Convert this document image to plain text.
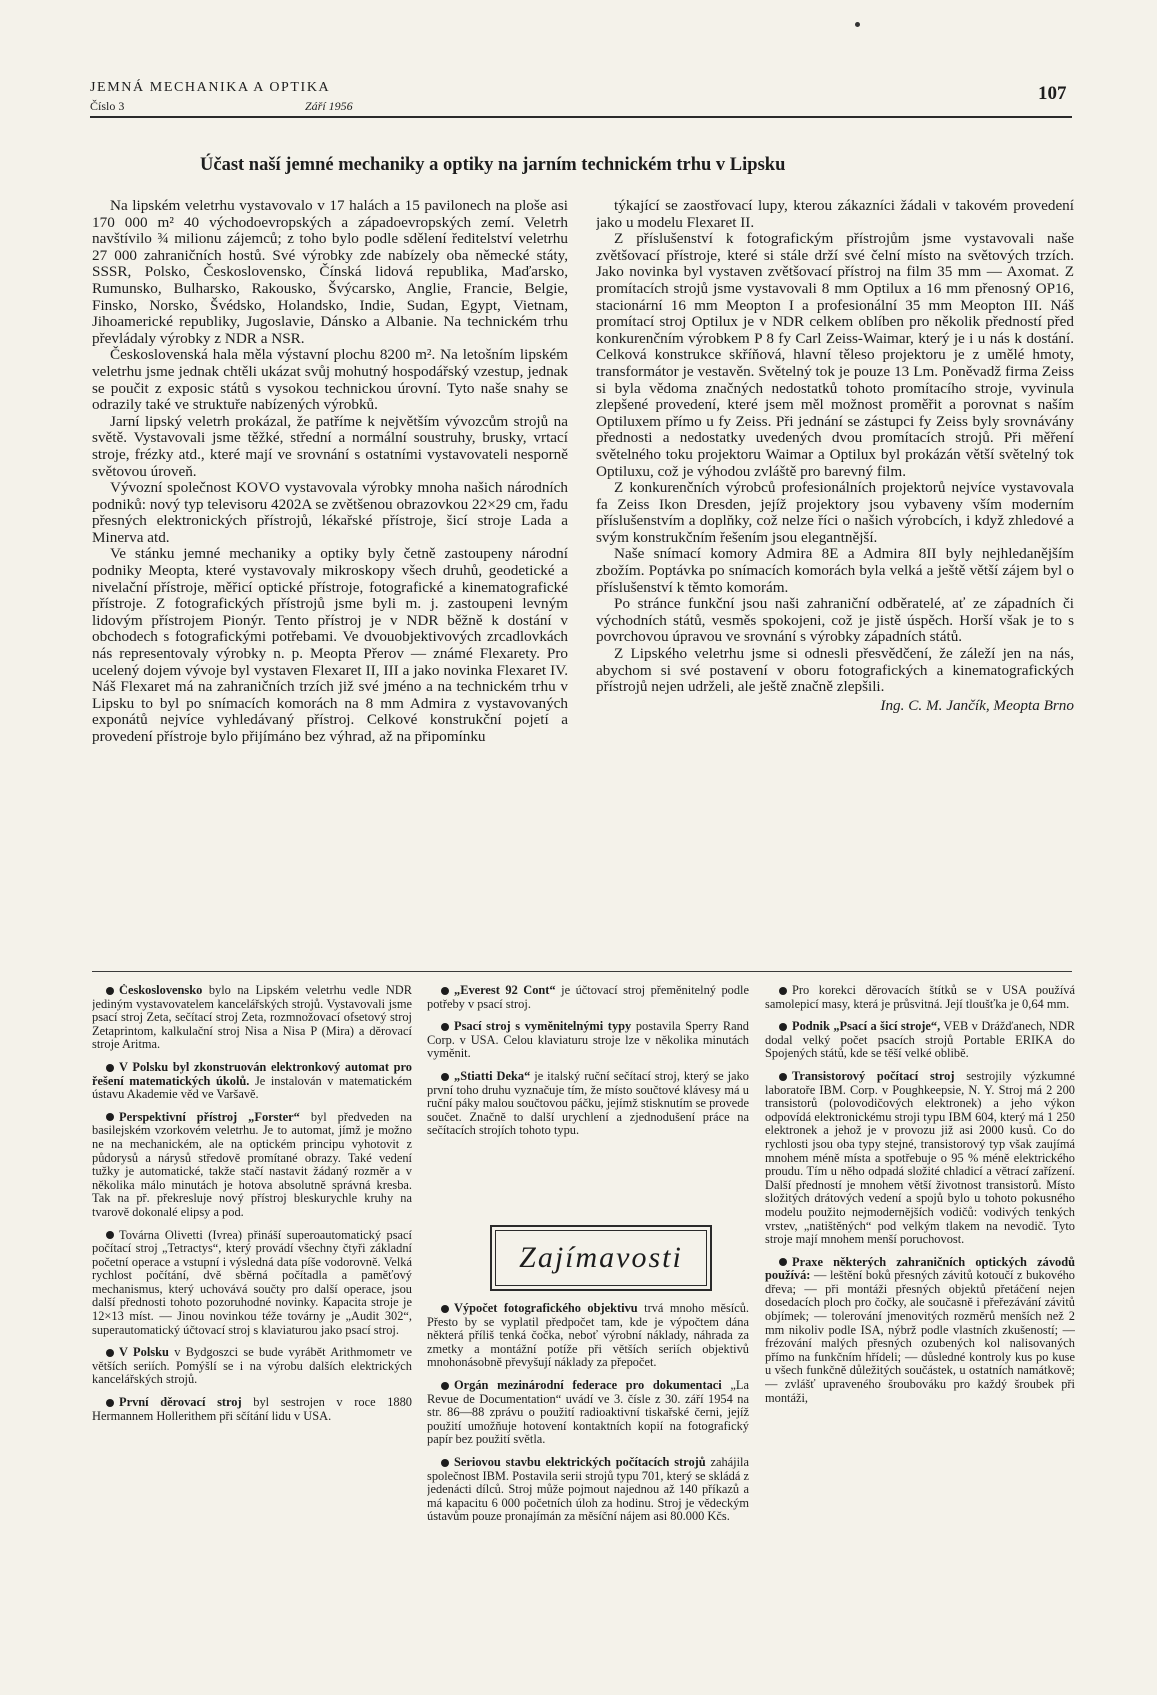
JEMNÁ MECHANIKA A OPTIKA
Číslo 3	Září 1956
107
Účast naší jemné mechaniky a optiky na jarním technickém trhu v Lipsku

Na lipském veletrhu vystavovalo v 17 halách a 15 pavilonech na ploše asi 170 000 m² 40 východoevropských a západoevropských zemí. Veletrh navštívilo ¾ milionu zájemců; z toho bylo podle sdělení ředitelství veletrhu 27 000 zahraničních hostů. Své výrobky zde nabízely oba německé státy, SSSR, Polsko, Československo, Čínská lidová republika, Maďarsko, Rumunsko, Bulharsko, Rakousko, Švýcarsko, Anglie, Francie, Belgie, Finsko, Norsko, Švédsko, Holandsko, Indie, Sudan, Egypt, Vietnam, Jihoamerické republiky, Jugoslavie, Dánsko a Albanie. Na technickém trhu převládaly výrobky z NDR a NSR.

Československá hala měla výstavní plochu 8200 m². Na letošním lipském veletrhu jsme jednak chtěli ukázat svůj mohutný hospodářský vzestup, jednak se poučit z exposic států s vysokou technickou úrovní. Tyto naše snahy se odrazily také ve struktuře nabízených výrobků.

Jarní lipský veletrh prokázal, že patříme k největším vývozcům strojů na světě. Vystavovali jsme těžké, střední a normální soustruhy, brusky, vrtací stroje, frézky atd., které mají ve srovnání s ostatními vystavovateli nesporně světovou úroveň.

Vývozní společnost KOVO vystavovala výrobky mnoha našich národních podniků: nový typ televisoru 4202A se zvětšenou obrazovkou 22×29 cm, řadu přesných elektronických přístrojů, lékařské přístroje, šicí stroje Lada a Minerva atd.

Ve stánku jemné mechaniky a optiky byly četně zastoupeny národní podniky Meopta, které vystavovaly mikroskopy všech druhů, geodetické a nivelační přístroje, měřicí optické přístroje, fotografické a kinematografické přístroje. Z fotografických přístrojů jsme byli m. j. zastoupeni levným lidovým přístrojem Pionýr. Tento přístroj je v NDR běžně k dostání v obchodech s fotografickými potřebami. Ve dvouobjektivových zrcadlovkách nás representovaly výrobky n. p. Meopta Přerov — známé Flexarety. Pro ucelený dojem vývoje byl vystaven Flexaret II, III a jako novinka Flexaret IV. Náš Flexaret má na zahraničních trzích již své jméno a na technickém trhu v Lipsku to byl po snímacích komorách na 8 mm Admira z vystavovaných exponátů nejvíce vyhledávaný přístroj. Celkové konstrukční pojetí a provedení přístroje bylo přijímáno bez výhrad, až na připomínku

týkající se zaostřovací lupy, kterou zákazníci žádali v takovém provedení jako u modelu Flexaret II.

Z příslušenství k fotografickým přístrojům jsme vystavovali naše zvětšovací přístroje, které si stále drží své čelní místo na světových trzích. Jako novinka byl vystaven zvětšovací přístroj na film 35 mm — Axomat. Z promítacích strojů jsme vystavovali 8 mm Optilux a 16 mm přenosný OP16, stacionární 16 mm Meopton I a profesionální 35 mm Meopton III. Náš promítací stroj Optilux je v NDR celkem oblíben pro několik předností před konkurenčním výrobkem P 8 fy Carl Zeiss-Waimar, který je i u nás k dostání. Celková konstrukce skříňová, hlavní těleso projektoru je z umělé hmoty, transformátor je vestavěn. Světelný tok je pouze 13 Lm. Poněvadž firma Zeiss si byla vědoma značných nedostatků tohoto promítacího stroje, vyvinula zlepšené provedení, které jsem měl možnost proměřit a porovnat s naším Optiluxem přímo u fy Zeiss. Při jednání se zástupci fy Zeiss byly srovnávány přednosti a nedostatky uvedených dvou promítacích strojů. Při měření světelného toku projektoru Waimar a Optilux byl prokázán větší světelný tok Optiluxu, což je výhodou zvláště pro barevný film.

Z konkurenčních výrobců profesionálních projektorů nejvíce vystavovala fa Zeiss Ikon Dresden, jejíž projektory jsou vybaveny vším moderním příslušenstvím a doplňky, což nelze říci o našich výrobcích, i když zhledové a svým konstrukčním řešením jsou elegantnější.

Naše snímací komory Admira 8E a Admira 8II byly nejhledanějším zbožím. Poptávka po snímacích komorách byla velká a ještě větší zájem byl o příslušenství k těmto komorám.

Po stránce funkční jsou naši zahraniční odběratelé, ať ze západních či východních států, vesměs spokojeni, což je jistě úspěch. Horší však je to s povrchovou úpravou ve srovnání s výrobky západních států.

Z Lipského veletrhu jsme si odnesli přesvědčení, že záleží jen na nás, abychom si své postavení v oboru fotografických a kinematografických přístrojů nejen udrželi, ale ještě značně zlepšili.

Ing. C. M. Jančík, Meopta Brno

Československo bylo na Lipském veletrhu vedle NDR jediným vystavovatelem kancelářských strojů. Vystavovali jsme psací stroj Zeta, sečítací stroj Zeta, rozmnožovací ofsetový stroj Zetaprintom, kalkulační stroj Nisa a Nisa P (Mira) a děrovací stroje Aritma.

V Polsku byl zkonstruován elektronkový automat pro řešení matematických úkolů. Je instalován v matematickém ústavu Akademie věd ve Varšavě.

Perspektivní přístroj „Forster“ byl předveden na basilejském vzorkovém veletrhu. Je to automat, jímž je možno ne na mechanickém, ale na optickém principu vyhotovit z půdorysů a nárysů středově promítané obrazy. Také vedení tužky je automatické, takže stačí nastavit žádaný rozměr a v několika málo minutách je hotova absolutně správná kresba. Tak na př. překresluje nový přístroj bleskurychle kruhy na tvarově dokonalé elipsy a pod.

Továrna Olivetti (Ivrea) přináší superoautomatický psací počítací stroj „Tetractys“, který provádí všechny čtyři základní početní operace a vstupní i výsledná data píše vodorovně. Velká rychlost počítání, dvě sběrná počítadla a paměťový mechanismus, který uchovává součty pro další operace, jsou další přednosti tohoto pozoruhodné novinky. Kapacita stroje je 12×13 míst. — Jinou novinkou téže továrny je „Audit 302“, superautomatický účtovací stroj s klaviaturou jako psací stroj.

V Polsku v Bydgoszci se bude vyrábět Arithmometr ve větších seriích. Pomýšlí se i na výrobu dalších elektrických kancelářských strojů.

První děrovací stroj byl sestrojen v roce 1880 Hermannem Hollerithem při sčítání lidu v USA.

„Everest 92 Cont“ je účtovací stroj přeměnitelný podle potřeby v psací stroj.

Psací stroj s vyměnitelnými typy postavila Sperry Rand Corp. v USA. Celou klaviaturu stroje lze v několika minutách vyměnit.

„Stiatti Deka“ je italský ruční sečítací stroj, který se jako první toho druhu vyznačuje tím, že místo součtové klávesy má u ruční páky malou součtovou páčku, jejímž stisknutím se provede součet. Značně to další urychlení a zjednodušení práce na sečítacích strojích tohoto typu.

Zajímavosti

Výpočet fotografického objektivu trvá mnoho měsíců. Přesto by se vyplatil předpočet tam, kde je výpočtem dána některá příliš tenká čočka, neboť výrobní náklady, náhrada za zmetky a montážní potíže při větších seriích objektivů mnohonásobně převyšují náklady za přepočet.

Orgán mezinárodní federace pro dokumentaci „La Revue de Documentation“ uvádí ve 3. čísle z 30. září 1954 na str. 86—88 zprávu o použití radioaktivní tiskařské černi, jejíž použití umožňuje hotovení kontaktních kopií na fotografický papír bez použití světla.

Seriovou stavbu elektrických počítacích strojů zahájila společnost IBM. Postavila serii strojů typu 701, který se skládá z jedenácti dílců. Stroj může pojmout najednou až 140 příkazů a má kapacitu 6 000 početních úloh za hodinu. Stroj je vědeckým ústavům pouze pronajímán za měsíční nájem asi 80.000 Kčs.

Pro korekci děrovacích štítků se v USA používá samolepicí masy, která je průsvitná. Její tloušťka je 0,64 mm.

Podnik „Psací a šicí stroje“, VEB v Drážďanech, NDR dodal velký počet psacích strojů Portable ERIKA do Spojených států, kde se těší velké oblibě.

Transistorový počítací stroj sestrojily výzkumné laboratoře IBM. Corp. v Poughkeepsie, N. Y. Stroj má 2 200 transistorů (polovodičových elektronek) a jeho výkon odpovídá elektronickému stroji typu IBM 604, který má 1 250 elektronek a jehož je v provozu již asi 2000 kusů. Co do rychlosti jsou oba typy stejné, transistorový typ však zaujímá mnohem méně místa a spotřebuje o 95 % méně elektrického proudu. Tím u něho odpadá složité chladicí a větrací zařízení. Další předností je mnohem větší životnost transistorů. Místo složitých drátových vedení a spojů bylo u tohoto pokusného modelu použito nejmodernějších vodičů: vodivých tenkých vrstev, „natištěných“ pod velkým tlakem na nevodič. Tyto stroje mají mnohem menší poruchovost.

Praxe některých zahraničních optických závodů používá: — leštění boků přesných závitů kotoučí z bukového dřeva; — při montáži přesných objektů přetáčení nejen dosedacích ploch pro čočky, ale současně i přeřezávání závitů objímek; — tolerování jmenovitých rozměrů menších než 2 mm nikoliv podle ISA, nýbrž podle vlastních zkušeností; — frézování malých přesných ozubených kol nalisovaných přímo na funkčním hřídeli; — důsledné kontroly kus po kuse u všech funkčně důležitých součástek, u ostatních namátkově; — zvlášť upraveného šroubováku pro každý šroubek při montáži,
